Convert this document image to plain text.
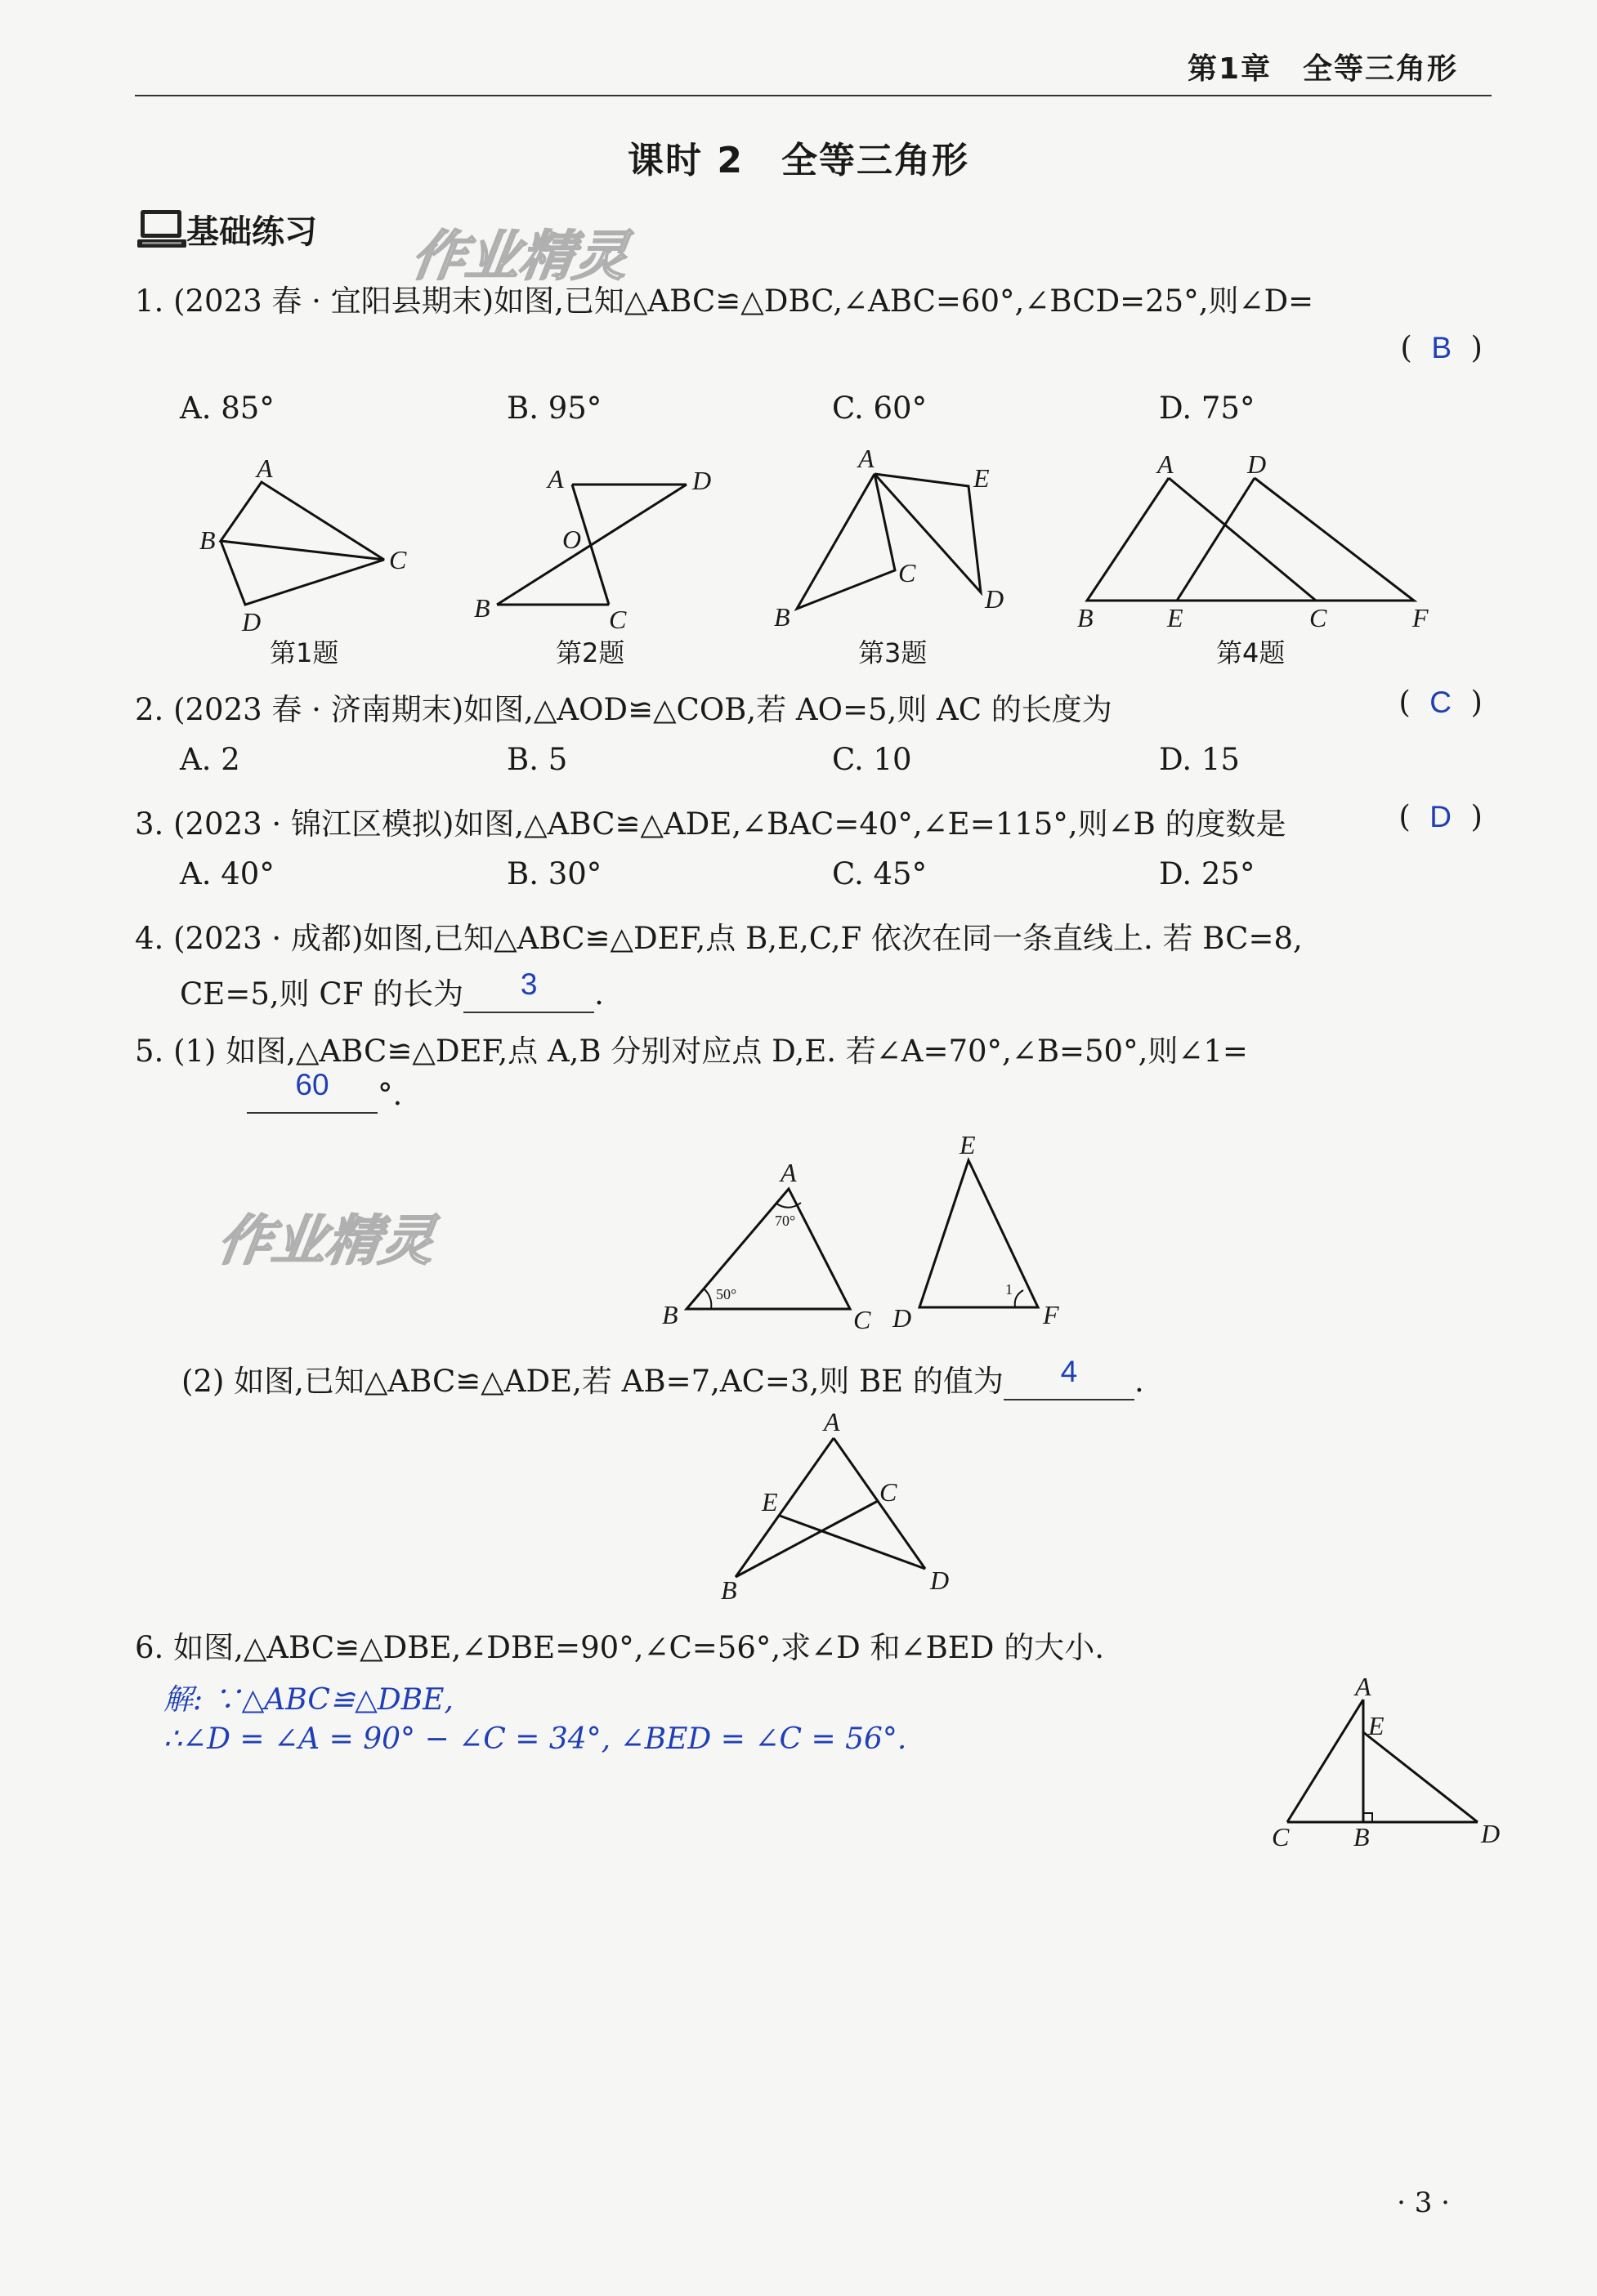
第1章　全等三角形
课时 2　全等三角形
基础练习 作业精灵
1. (2023 春 · 宜阳县期末)如图,已知△ABC≌△DBC,∠ABC=60°,∠BCD=25°,则∠D=
(  B  )
A. 85°	B. 95°	C. 60°	D. 75°
A
B
C
D
A	D
O
B	C
A
E
C
B
D
A	D
B	E	C	F
第1题	第2题	第3题	第4题
2. (2023 春 · 济南期末)如图,△AOD≌△COB,若 AO=5,则 AC 的长度为	(  C  )
A. 2	B. 5	C. 10	D. 15
3. (2023 · 锦江区模拟)如图,△ABC≌△ADE,∠BAC=40°,∠E=115°,则∠B 的度数是	(  D  )
A. 40°	B. 30°	C. 45°	D. 25°
4. (2023 · 成都)如图,已知△ABC≌△DEF,点 B,E,C,F 依次在同一条直线上. 若 BC=8,
CE=5,则 CF 的长为 3 .
5. (1) 如图,△ABC≌△DEF,点 A,B 分别对应点 D,E. 若∠A=70°,∠B=50°,则∠1=
60 °.
作业精灵
A
B	C
E
D	F
70°
50°	1
(2) 如图,已知△ABC≌△ADE,若 AB=7,AC=3,则 BE 的值为 4 .
A
E	C
B	D
6. 如图,△ABC≌△DBE,∠DBE=90°,∠C=56°,求∠D 和∠BED 的大小.
解: ∵△ABC≌△DBE,
∴∠D = ∠A = 90° − ∠C = 34°, ∠BED = ∠C = 56°.
A
E
C B	D
· 3 ·
